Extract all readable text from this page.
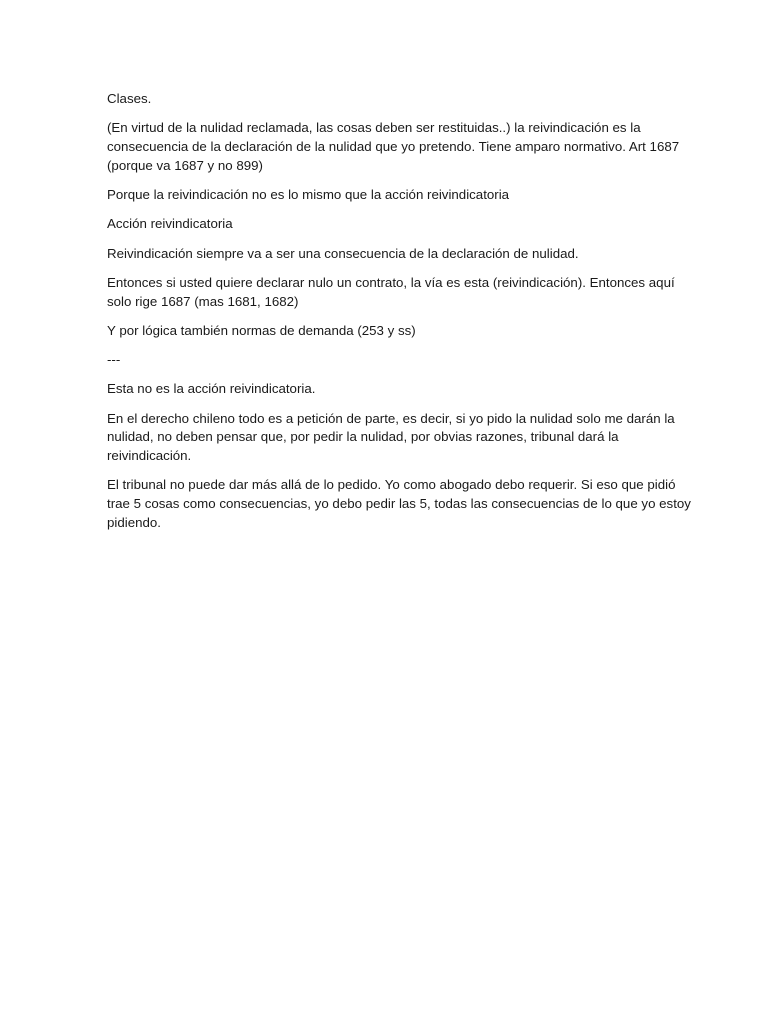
Clases.

(En virtud de la nulidad reclamada, las cosas deben ser restituidas..) la reivindicación es la
consecuencia de la declaración de la nulidad que yo pretendo. Tiene amparo normativo. Art 1687
(porque va 1687 y no 899)

Porque la reivindicación no es lo mismo que la acción reivindicatoria

Acción reivindicatoria

Reivindicación siempre va a ser una consecuencia de la declaración de nulidad.

Entonces si usted quiere declarar nulo un contrato, la vía es esta (reivindicación). Entonces aquí
solo rige 1687 (mas 1681, 1682)

Y por lógica también normas de demanda (253 y ss)

---

Esta no es la acción reivindicatoria.

En el derecho chileno todo es a petición de parte, es decir, si yo pido la nulidad solo me darán la
nulidad, no deben pensar que, por pedir la nulidad, por obvias razones, tribunal dará la
reivindicación.

El tribunal no puede dar más allá de lo pedido. Yo como abogado debo requerir. Si eso que pidió
trae 5 cosas como consecuencias, yo debo pedir las 5, todas las consecuencias de lo que yo estoy
pidiendo.
